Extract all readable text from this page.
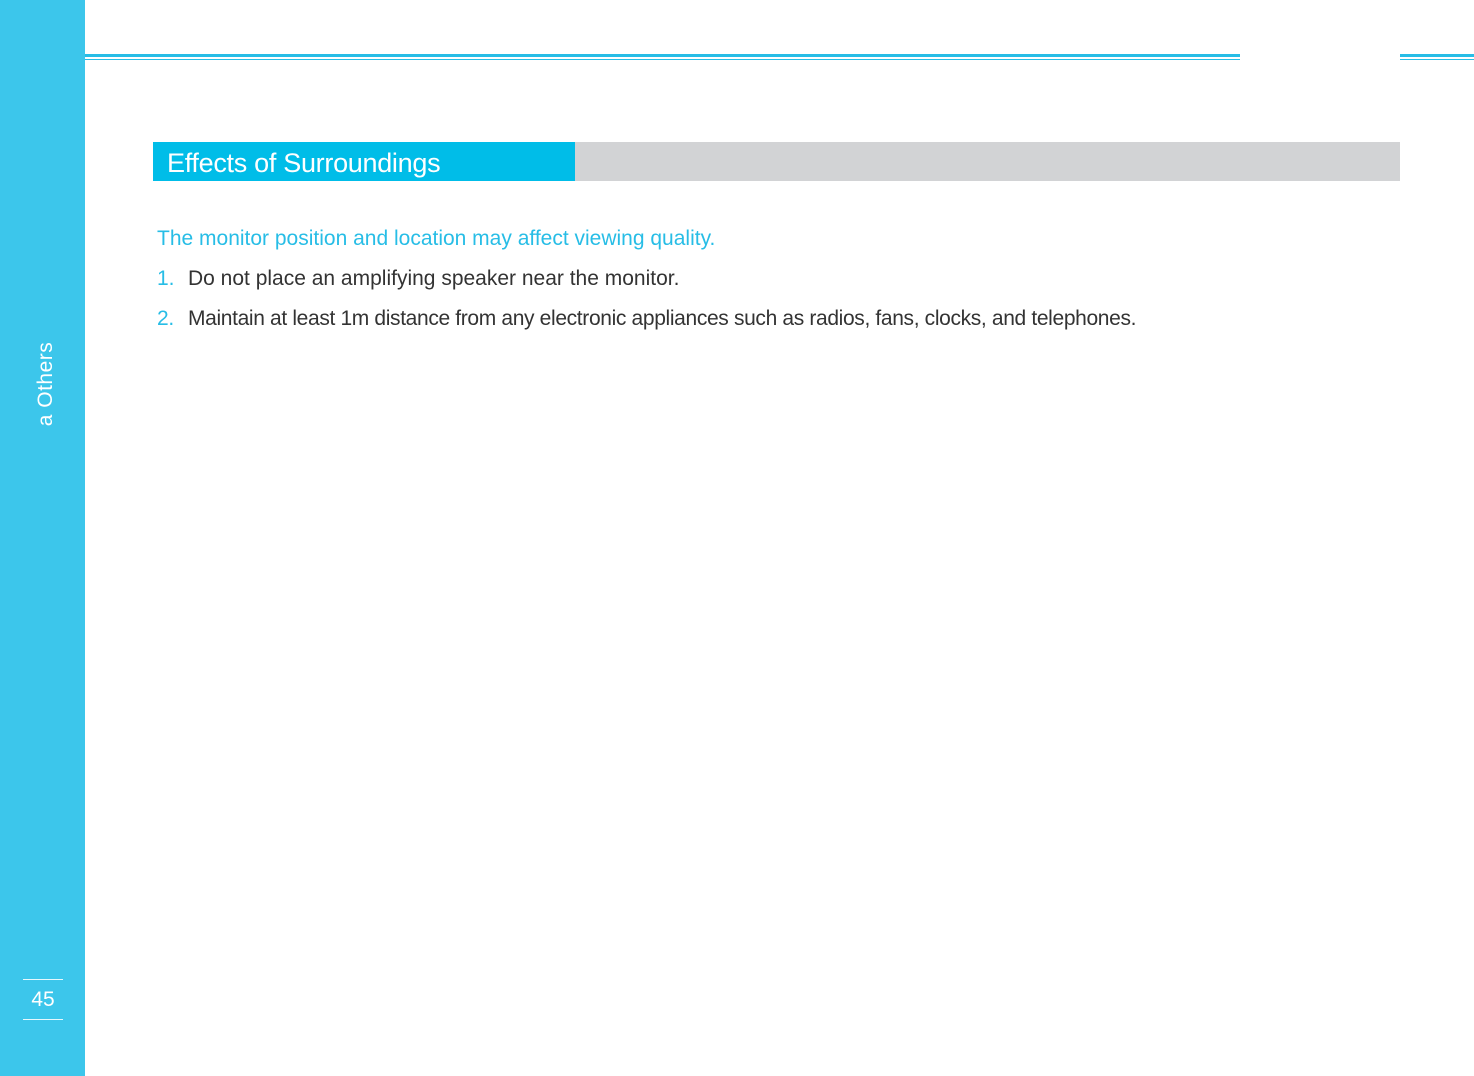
a Others
45
Effects of Surroundings
The monitor position and location may affect viewing quality.
1. Do not place an amplifying speaker near the monitor.
2. Maintain at least 1m distance from any electronic appliances such as radios, fans, clocks, and telephones.
